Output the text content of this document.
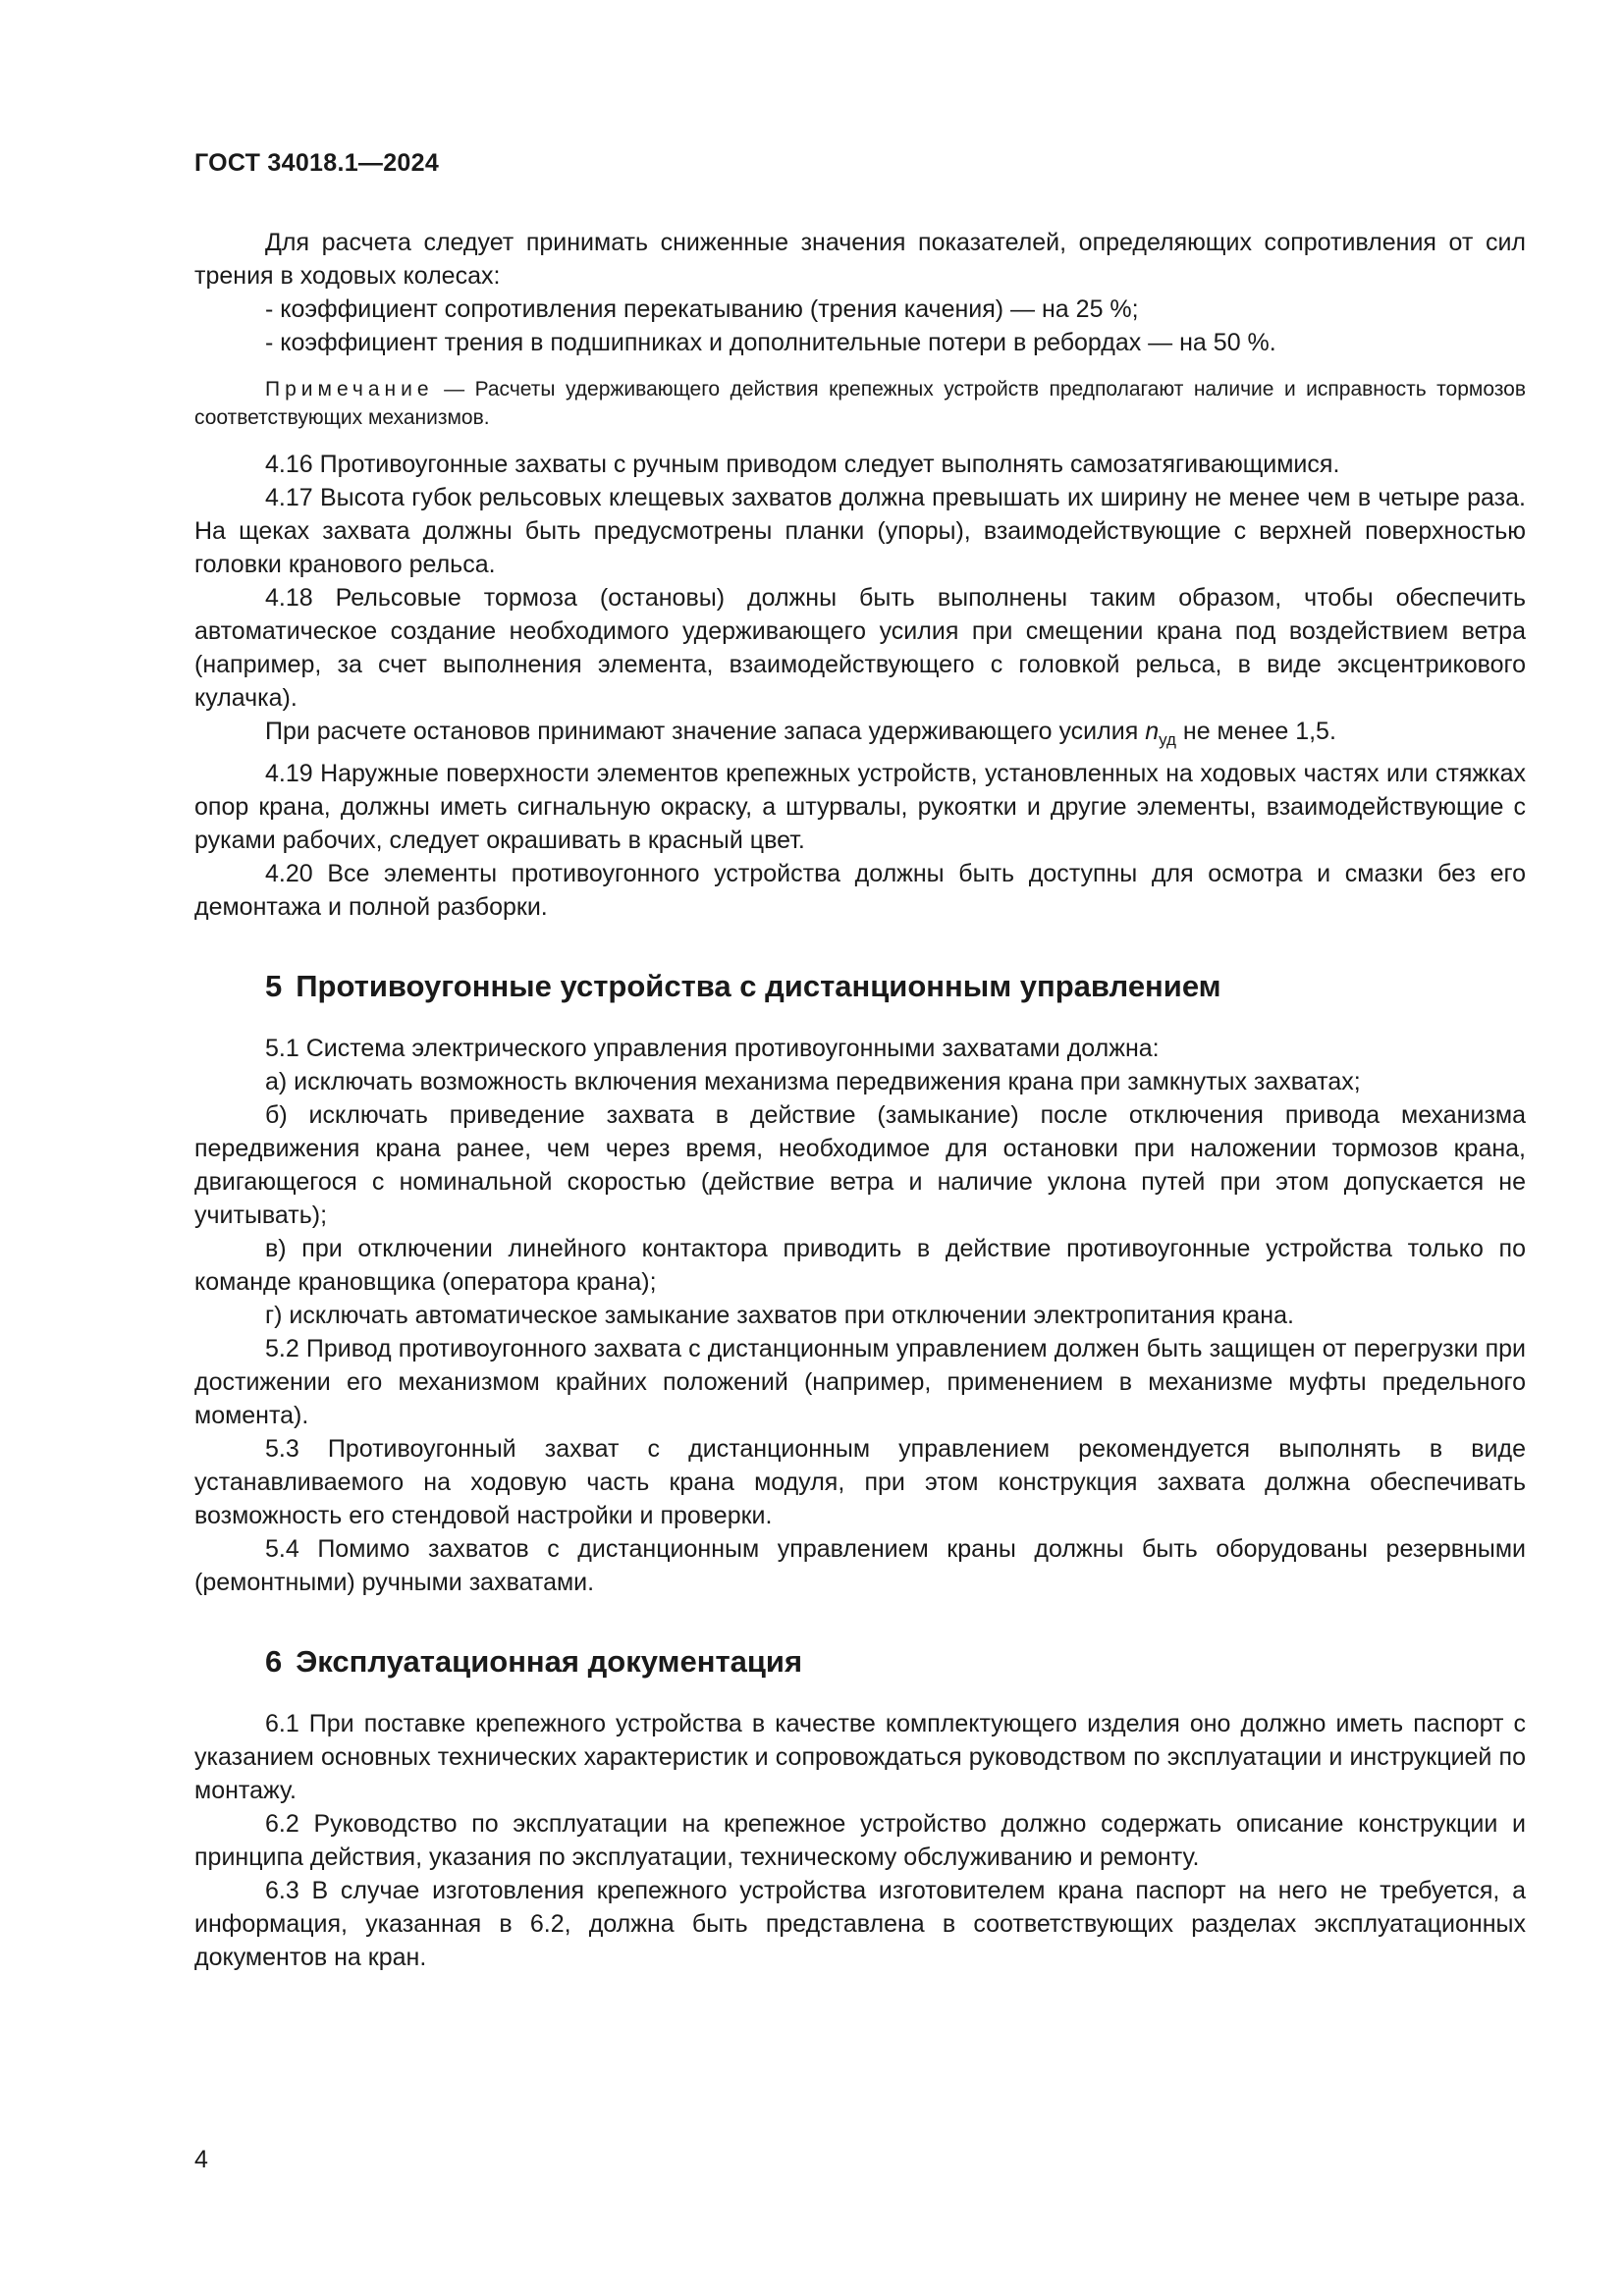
ГОСТ 34018.1—2024

Для расчета следует принимать сниженные значения показателей, определяющих сопротивления от сил трения в ходовых колесах:

- коэффициент сопротивления перекатыванию (трения качения) — на 25 %;

- коэффициент трения в подшипниках и дополнительные потери в ребордах — на 50 %.

Примечание — Расчеты удерживающего действия крепежных устройств предполагают наличие и исправность тормозов соответствующих механизмов.

4.16 Противоугонные захваты с ручным приводом следует выполнять самозатягивающимися.

4.17 Высота губок рельсовых клещевых захватов должна превышать их ширину не менее чем в четыре раза. На щеках захвата должны быть предусмотрены планки (упоры), взаимодействующие с верхней поверхностью головки кранового рельса.

4.18 Рельсовые тормоза (остановы) должны быть выполнены таким образом, чтобы обеспечить автоматическое создание необходимого удерживающего усилия при смещении крана под воздействием ветра (например, за счет выполнения элемента, взаимодействующего с головкой рельса, в виде эксцентрикового кулачка).

При расчете остановов принимают значение запаса удерживающего усилия $n_{уд}$ не менее 1,5.

4.19 Наружные поверхности элементов крепежных устройств, установленных на ходовых частях или стяжках опор крана, должны иметь сигнальную окраску, а штурвалы, рукоятки и другие элементы, взаимодействующие с руками рабочих, следует окрашивать в красный цвет.

4.20 Все элементы противоугонного устройства должны быть доступны для осмотра и смазки без его демонтажа и полной разборки.

5 Противоугонные устройства с дистанционным управлением

5.1 Система электрического управления противоугонными захватами должна:

а) исключать возможность включения механизма передвижения крана при замкнутых захватах;

б) исключать приведение захвата в действие (замыкание) после отключения привода механизма передвижения крана ранее, чем через время, необходимое для остановки при наложении тормозов крана, двигающегося с номинальной скоростью (действие ветра и наличие уклона путей при этом допускается не учитывать);

в) при отключении линейного контактора приводить в действие противоугонные устройства только по команде крановщика (оператора крана);

г) исключать автоматическое замыкание захватов при отключении электропитания крана.

5.2 Привод противоугонного захвата с дистанционным управлением должен быть защищен от перегрузки при достижении его механизмом крайних положений (например, применением в механизме муфты предельного момента).

5.3 Противоугонный захват с дистанционным управлением рекомендуется выполнять в виде устанавливаемого на ходовую часть крана модуля, при этом конструкция захвата должна обеспечивать возможность его стендовой настройки и проверки.

5.4 Помимо захватов с дистанционным управлением краны должны быть оборудованы резервными (ремонтными) ручными захватами.

6 Эксплуатационная документация

6.1 При поставке крепежного устройства в качестве комплектующего изделия оно должно иметь паспорт с указанием основных технических характеристик и сопровождаться руководством по эксплуатации и инструкцией по монтажу.

6.2 Руководство по эксплуатации на крепежное устройство должно содержать описание конструкции и принципа действия, указания по эксплуатации, техническому обслуживанию и ремонту.

6.3 В случае изготовления крепежного устройства изготовителем крана паспорт на него не требуется, а информация, указанная в 6.2, должна быть представлена в соответствующих разделах эксплуатационных документов на кран.

4
